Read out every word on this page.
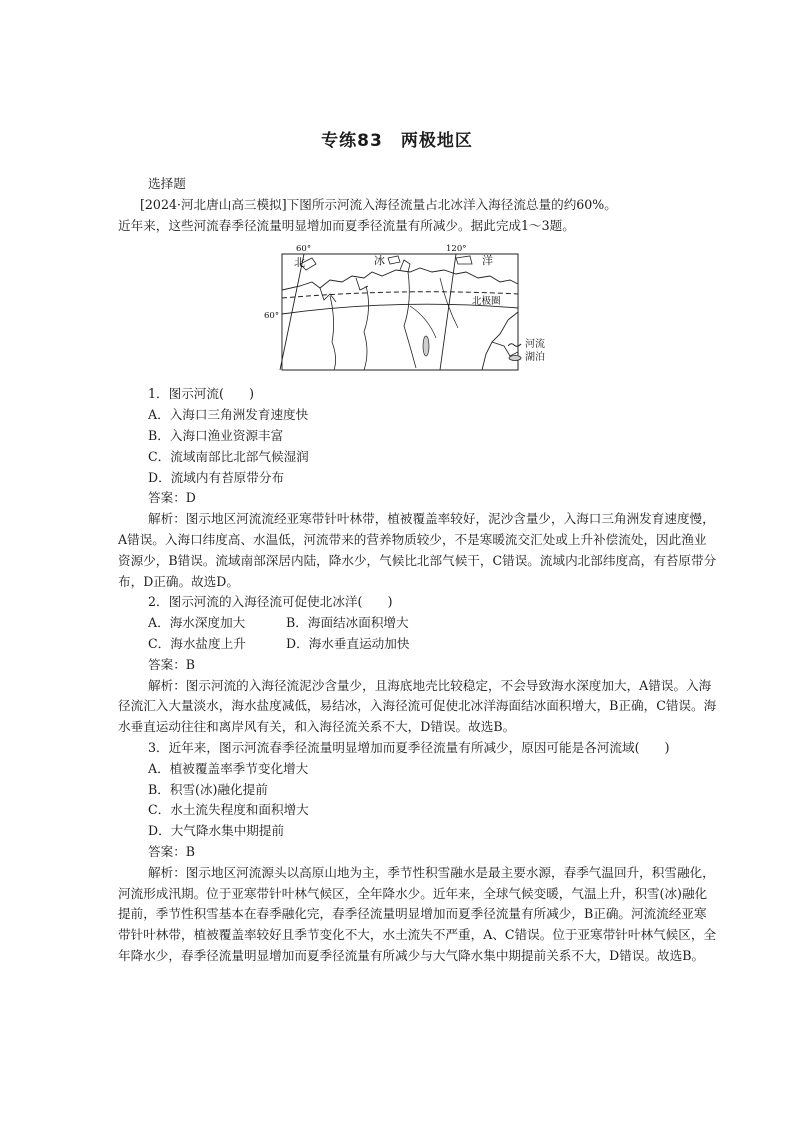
专练83　两极地区

选择题

[2024·河北唐山高三模拟]下图所示河流入海径流量占北冰洋入海径流总量的约60%。

近年来，这些河流春季径流量明显增加而夏季径流量有所减少。据此完成1～3题。

60°	120°
60°
北	冰	洋
北极圈
河流
湖泊

1．图示河流(　　)

A．入海口三角洲发育速度快

B．入海口渔业资源丰富

C．流域南部比北部气候湿润

D．流域内有苔原带分布

答案：D

解析：图示地区河流流经亚寒带针叶林带，植被覆盖率较好，泥沙含量少，入海口三角洲发育速度慢，A错误。入海口纬度高、水温低，河流带来的营养物质较少，不是寒暖流交汇处或上升补偿流处，因此渔业资源少，B错误。流域南部深居内陆，降水少，气候比北部气候干，C错误。流域内北部纬度高，有苔原带分布，D正确。故选D。

2．图示河流的入海径流可促使北冰洋(　　)

A．海水深度加大	B．海面结冰面积增大
C．海水盐度上升	D．海水垂直运动加快

答案：B

解析：图示河流的入海径流泥沙含量少，且海底地壳比较稳定，不会导致海水深度加大，A错误。入海径流汇入大量淡水，海水盐度减低，易结冰，入海径流可促使北冰洋海面结冰面积增大，B正确，C错误。海水垂直运动往往和离岸风有关，和入海径流关系不大，D错误。故选B。

3．近年来，图示河流春季径流量明显增加而夏季径流量有所减少，原因可能是各河流域(　　)

A．植被覆盖率季节变化增大

B．积雪(冰)融化提前

C．水土流失程度和面积增大

D．大气降水集中期提前

答案：B

解析：图示地区河流源头以高原山地为主，季节性积雪融水是最主要水源，春季气温回升，积雪融化，河流形成汛期。位于亚寒带针叶林气候区，全年降水少。近年来，全球气候变暖，气温上升，积雪(冰)融化提前，季节性积雪基本在春季融化完，春季径流量明显增加而夏季径流量有所减少，B正确。河流流经亚寒带针叶林带，植被覆盖率较好且季节变化不大，水土流失不严重，A、C错误。位于亚寒带针叶林气候区，全年降水少，春季径流量明显增加而夏季径流量有所减少与大气降水集中期提前关系不大，D错误。故选B。
